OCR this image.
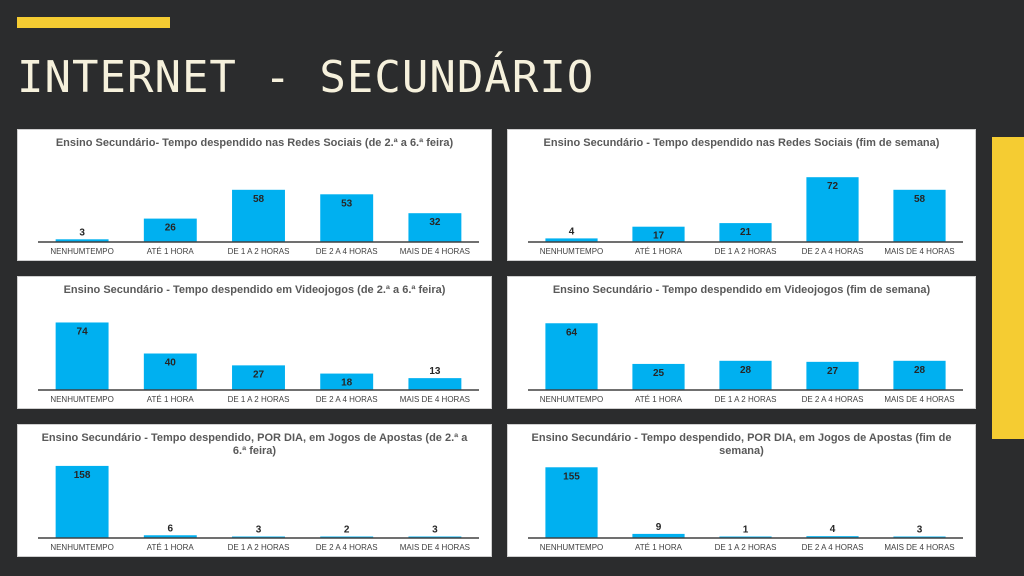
INTERNET - SECUNDÁRIO
Ensino Secundário- Tempo despendido nas Redes Sociais (de 2.ª a 6.ª feira)
3
NENHUMTEMPO
26
ATÉ 1 HORA
58
DE 1 A 2 HORAS
53
DE 2 A 4 HORAS
32
MAIS DE 4 HORAS
Ensino Secundário - Tempo despendido nas Redes Sociais (fim de semana)
4
NENHUMTEMPO
17
ATÉ 1 HORA
21
DE 1 A 2 HORAS
72
DE 2 A 4 HORAS
58
MAIS DE 4 HORAS
Ensino Secundário - Tempo despendido em Videojogos (de 2.ª a 6.ª feira)
74
NENHUMTEMPO
40
ATÉ 1 HORA
27
DE 1 A 2 HORAS
18
DE 2 A 4 HORAS
13
MAIS DE 4 HORAS
Ensino Secundário - Tempo despendido em Videojogos (fim de semana)
64
NENHUMTEMPO
25
ATÉ 1 HORA
28
DE 1 A 2 HORAS
27
DE 2 A 4 HORAS
28
MAIS DE 4 HORAS
Ensino Secundário - Tempo despendido, POR DIA, em Jogos de Apostas (de 2.ª a 6.ª feira)
158
NENHUMTEMPO
6
ATÉ 1 HORA
3
DE 1 A 2 HORAS
2
DE 2 A 4 HORAS
3
MAIS DE 4 HORAS
Ensino Secundário - Tempo despendido, POR DIA, em Jogos de Apostas (fim de semana)
155
NENHUMTEMPO
9
ATÉ 1 HORA
1
DE 1 A 2 HORAS
4
DE 2 A 4 HORAS
3
MAIS DE 4 HORAS
